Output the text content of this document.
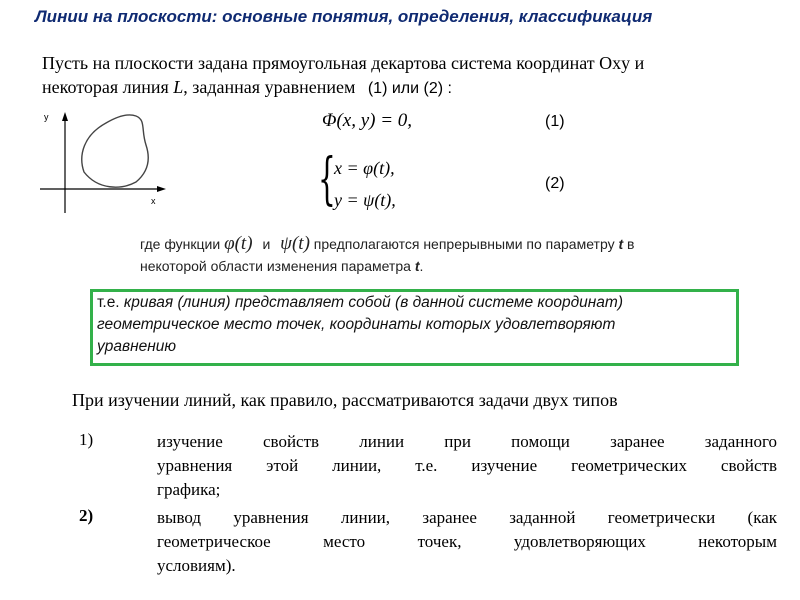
Линии на плоскости: основные понятия, определения, классификация
Пусть на плоскости задана прямоугольная декартова система координат Oxy и
некоторая линия L, заданная уравнением (1) или (2) :
y
x
Φ(x, y) = 0,	(1)
{
x = φ(t),
y = ψ(t),
(2)
где функции φ(t) и ψ(t) предполагаются непрерывными по параметру t в
некоторой области изменения параметра t.
т.е. кривая (линия) представляет собой (в данной системе координат)
геометрическое место точек, координаты которых удовлетворяют
уравнению
При изучении линий, как правило, рассматриваются задачи двух типов
1)	изучение свойств линии при помощи заранее заданного
уравнения этой линии, т.е. изучение геометрических свойств
графика;
2)	вывод уравнения линии, заранее заданной геометрически (как
геометрическое место точек, удовлетворяющих некоторым
условиям).
